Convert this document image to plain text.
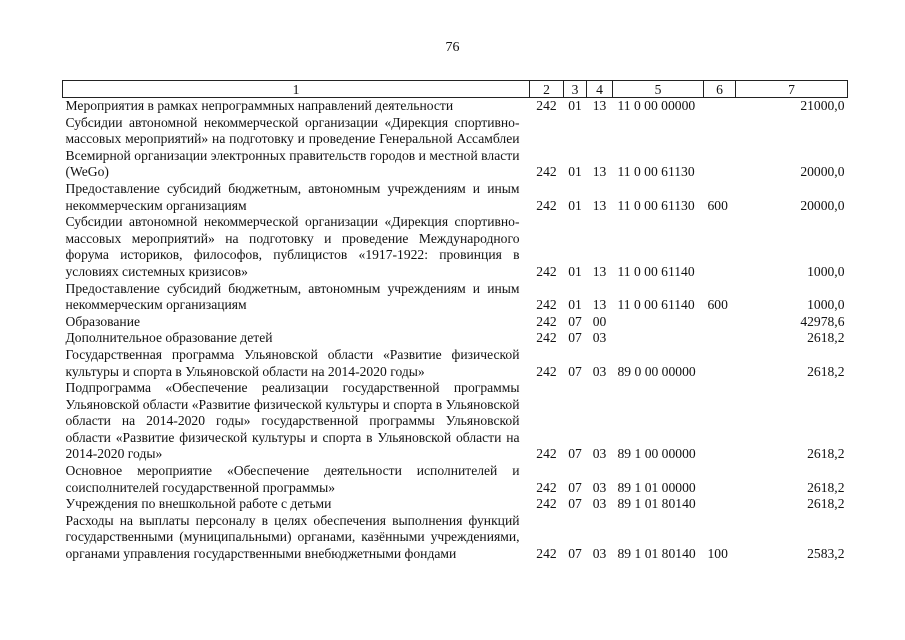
76
1	2	3	4	5	6	7
Мероприятия в рамках непрограммных направлений деятельности	242	01	13	11 0 00 00000		21000,0
Субсидии автономной некоммерческой организации «Дирекция спортивно-массовых мероприятий» на подготовку и проведение Генеральной Ассамблеи Всемирной организации электронных правительств городов и местной власти (WeGo)	242	01	13	11 0 00 61130		20000,0
Предоставление субсидий бюджетным, автономным учреждениям и иным некоммерческим организациям	242	01	13	11 0 00 61130	600	20000,0
Субсидии автономной некоммерческой организации «Дирекция спортивно-массовых мероприятий» на подготовку и проведение Международного форума историков, философов, публицистов «1917-1922: провинция в условиях системных кризисов»	242	01	13	11 0 00 61140		1000,0
Предоставление субсидий бюджетным, автономным учреждениям и иным некоммерческим организациям	242	01	13	11 0 00 61140	600	1000,0
Образование	242	07	00			42978,6
Дополнительное образование детей	242	07	03			2618,2
Государственная программа Ульяновской области «Развитие физической культуры и спорта в Ульяновской области на 2014-2020 годы»	242	07	03	89 0 00 00000		2618,2
Подпрограмма «Обеспечение реализации государственной программы Ульяновской области «Развитие физической культуры и спорта в Ульяновской области на 2014-2020 годы» государственной программы Ульяновской области «Развитие физической культуры и спорта в Ульяновской области на 2014-2020 годы»	242	07	03	89 1 00 00000		2618,2
Основное мероприятие «Обеспечение деятельности исполнителей и соисполнителей государственной программы»	242	07	03	89 1 01 00000		2618,2
Учреждения по внешкольной работе с детьми	242	07	03	89 1 01 80140		2618,2
Расходы на выплаты персоналу в целях обеспечения выполнения функций государственными (муниципальными) органами, казёнными учреждениями, органами управления государственными внебюджетными фондами	242	07	03	89 1 01 80140	100	2583,2
